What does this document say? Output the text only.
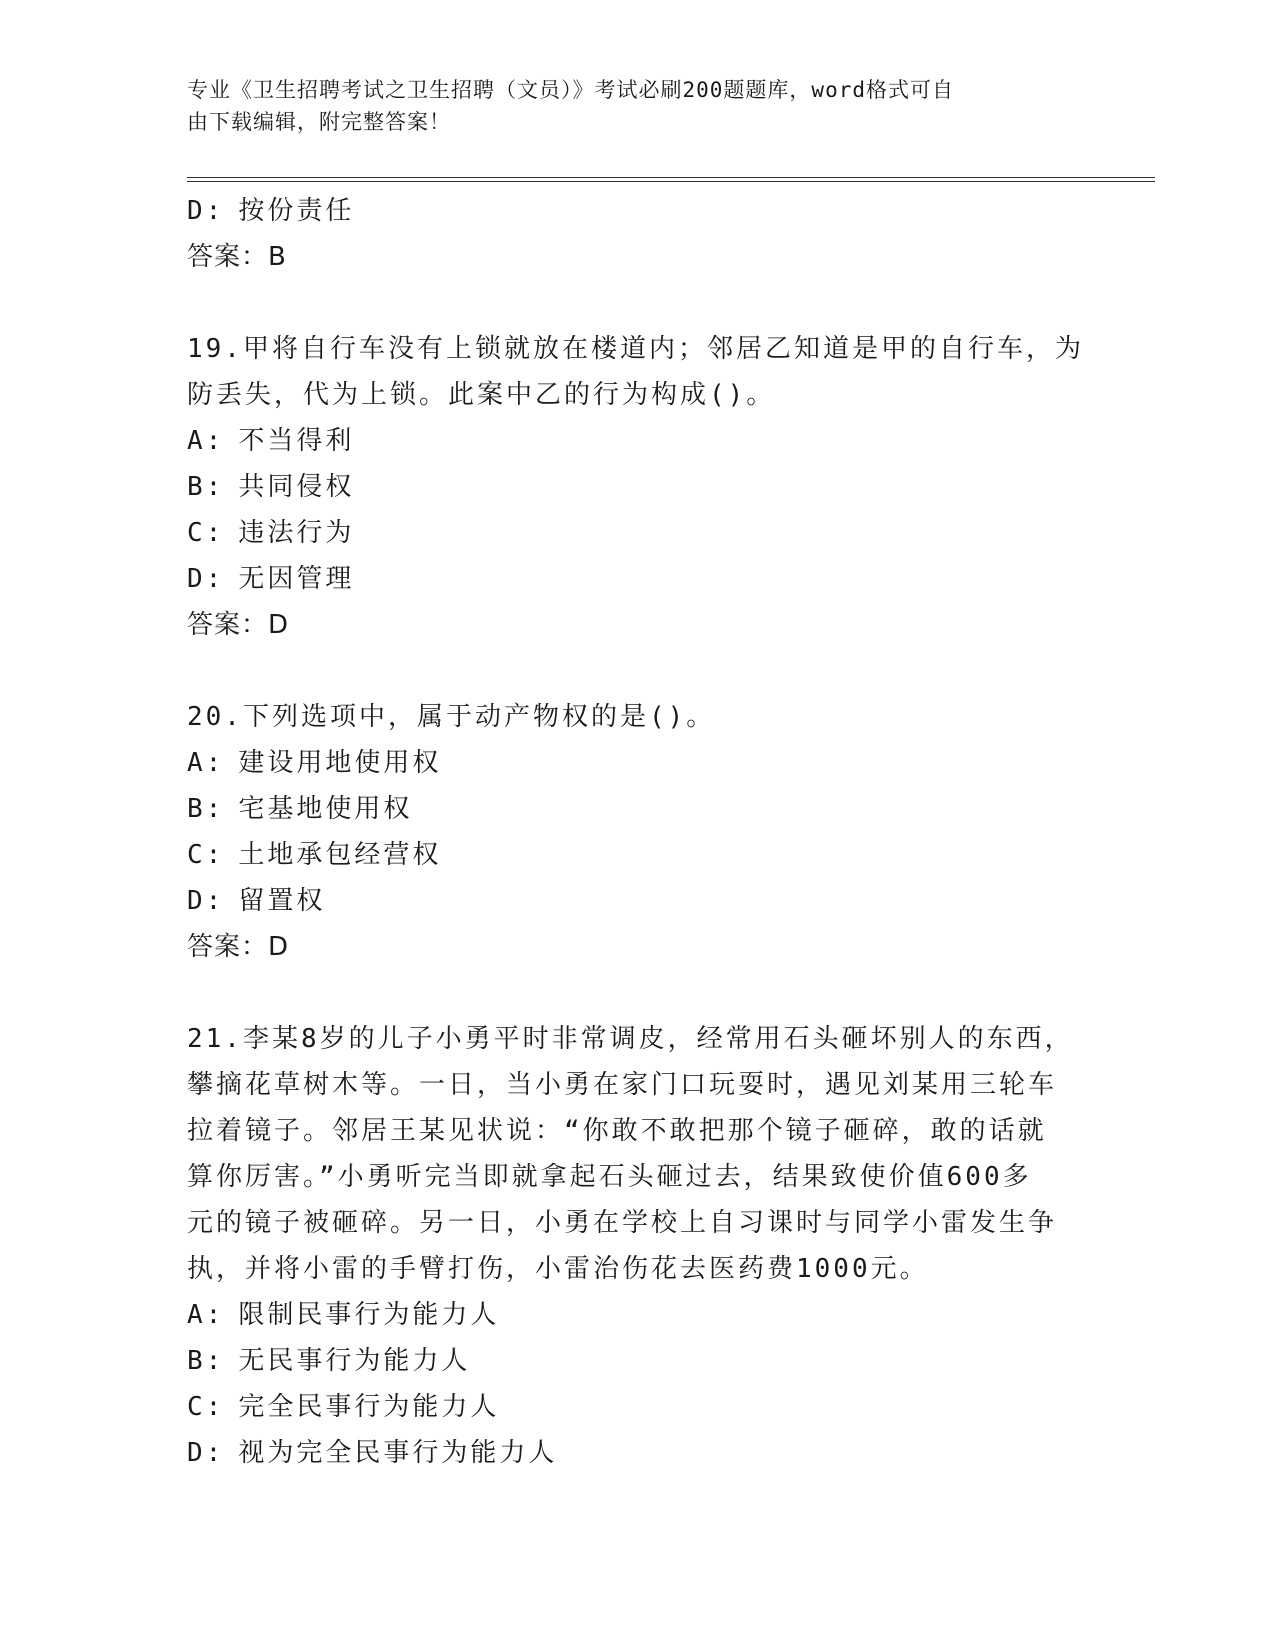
专业《卫生招聘考试之卫生招聘（文员）》考试必刷200题题库，word格式可自
由下载编辑，附完整答案！
D: 按份责任
答案：B
19.甲将自行车没有上锁就放在楼道内；邻居乙知道是甲的自行车，为
防丢失，代为上锁。此案中乙的行为构成()。
A: 不当得利
B: 共同侵权
C: 违法行为
D: 无因管理
答案：D
20.下列选项中，属于动产物权的是()。
A: 建设用地使用权
B: 宅基地使用权
C: 土地承包经营权
D: 留置权
答案：D
21.李某8岁的儿子小勇平时非常调皮，经常用石头砸坏别人的东西，
攀摘花草树木等。一日，当小勇在家门口玩耍时，遇见刘某用三轮车
拉着镜子。邻居王某见状说：“你敢不敢把那个镜子砸碎，敢的话就
算你厉害。”小勇听完当即就拿起石头砸过去，结果致使价值600多
元的镜子被砸碎。另一日，小勇在学校上自习课时与同学小雷发生争
执，并将小雷的手臂打伤，小雷治伤花去医药费1000元。
A: 限制民事行为能力人
B: 无民事行为能力人
C: 完全民事行为能力人
D: 视为完全民事行为能力人
